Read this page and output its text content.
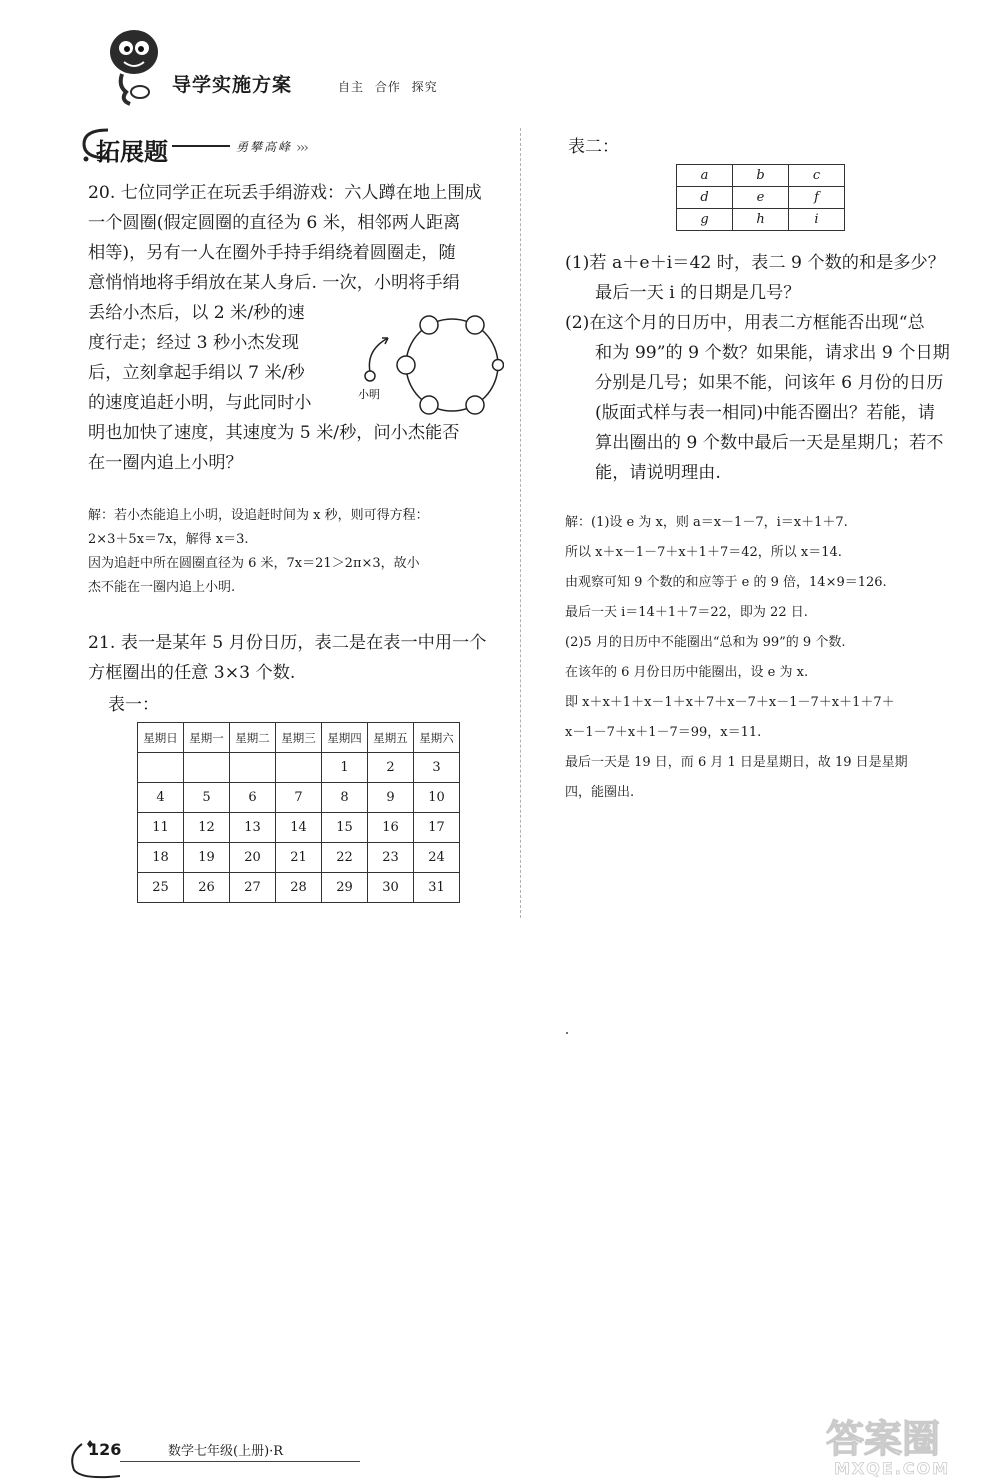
导学实施方案	自主 合作 探究
拓展题	勇攀高峰 ›››
20. 七位同学正在玩丢手绢游戏：六人蹲在地上围成
一个圆圈(假定圆圈的直径为 6 米，相邻两人距离
相等)，另有一人在圈外手持手绢绕着圆圈走，随
意悄悄地将手绢放在某人身后. 一次，小明将手绢
丢给小杰后，以 2 米/秒的速
度行走；经过 3 秒小杰发现
后，立刻拿起手绢以 7 米/秒
的速度追赶小明，与此同时小
明也加快了速度，其速度为 5 米/秒，问小杰能否
在一圈内追上小明？
小明
解：若小杰能追上小明，设追赶时间为 x 秒，则可得方程：
2×3＋5x＝7x，解得 x＝3.
因为追赶中所在圆圈直径为 6 米，7x＝21＞2π×3，故小
杰不能在一圈内追上小明.
21. 表一是某年 5 月份日历，表二是在表一中用一个
方框圈出的任意 3×3 个数.
表一：
星期日	星期一	星期二	星期三	星期四	星期五	星期六
				1	2	3
4	5	6	7	8	9	10
11	12	13	14	15	16	17
18	19	20	21	22	23	24
25	26	27	28	29	30	31
表二：
a	b	c
d	e	f
g	h	i
(1)若 a＋e＋i＝42 时，表二 9 个数的和是多少？
最后一天 i 的日期是几号？
(2)在这个月的日历中，用表二方框能否出现“总
和为 99”的 9 个数？如果能，请求出 9 个日期
分别是几号；如果不能，问该年 6 月份的日历
(版面式样与表一相同)中能否圈出？若能，请
算出圈出的 9 个数中最后一天是星期几；若不
能，请说明理由.
解：(1)设 e 为 x，则 a＝x－1－7，i＝x＋1＋7.
所以 x＋x－1－7＋x＋1＋7＝42，所以 x＝14.
由观察可知 9 个数的和应等于 e 的 9 倍，14×9＝126.
最后一天 i＝14＋1＋7＝22，即为 22 日.
(2)5 月的日历中不能圈出“总和为 99”的 9 个数.
在该年的 6 月份日历中能圈出，设 e 为 x.
即 x＋x＋1＋x－1＋x＋7＋x－7＋x－1－7＋x＋1＋7＋
x－1－7＋x＋1－7＝99，x＝11.
最后一天是 19 日，而 6 月 1 日是星期日，故 19 日是星期
四，能圈出.
126	数学七年级(上册)·R	答案圈
MXQE.COM
